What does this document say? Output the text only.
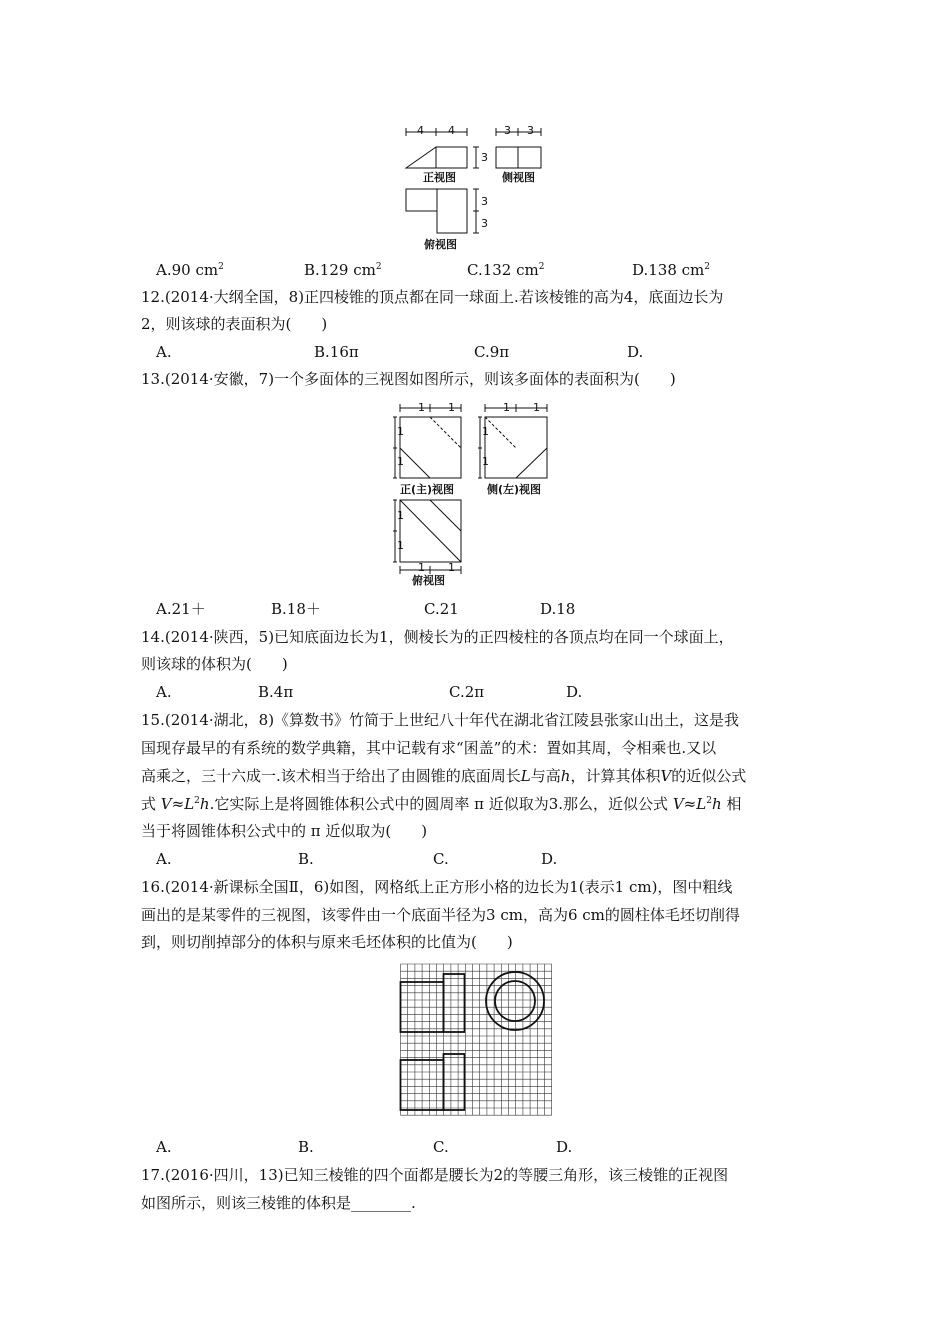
4 4	3 3
3
3
3
正视图	侧视图
俯视图
A.90 $cm^2$	B.129 $cm^2$	C.132 $cm^2$	D.138 $cm^2$
12.(2014·大纲全国，8)正四棱锥的顶点都在同一球面上.若该棱锥的高为4，底面边长为
2，则该球的表面积为(　　)
A.	B.16π	C.9π	D.
13.(2014·安徽，7)一个多面体的三视图如图所示，则该多面体的表面积为(　　)
1 1	1 1
1
1
1
1
正(主)视图	侧(左)视图
1
1
1 1
俯视图
A.21＋	B.18＋	C.21	D.18
14.(2014·陕西，5)已知底面边长为1，侧棱长为的正四棱柱的各顶点均在同一个球面上，
则该球的体积为(　　)
A.	B.4π	C.2π	D.
15.(2014·湖北，8)《算数书》竹简于上世纪八十年代在湖北省江陵县张家山出土，这是我
国现存最早的有系统的数学典籍，其中记载有求“囷盖”的术：置如其周，令相乘也.又以
高乘之，三十六成一.该术相当于给出了由圆锥的底面周长L与高h，计算其体积V的近似公式
式 $V\approx L^2h$.它实际上是将圆锥体积公式中的圆周率 π 近似取为3.那么，近似公式 $V\approx L^2h$ 相
当于将圆锥体积公式中的 π 近似取为(　　)
A.	B.	C.	D.
16.(2014·新课标全国Ⅱ，6)如图，网格纸上正方形小格的边长为1(表示1 cm)，图中粗线
画出的是某零件的三视图，该零件由一个底面半径为3 cm，高为6 cm的圆柱体毛坯切削得
到，则切削掉部分的体积与原来毛坯体积的比值为(　　)
A.	B.	C.	D.
17.(2016·四川，13)已知三棱锥的四个面都是腰长为2的等腰三角形，该三棱锥的正视图
如图所示，则该三棱锥的体积是________.
